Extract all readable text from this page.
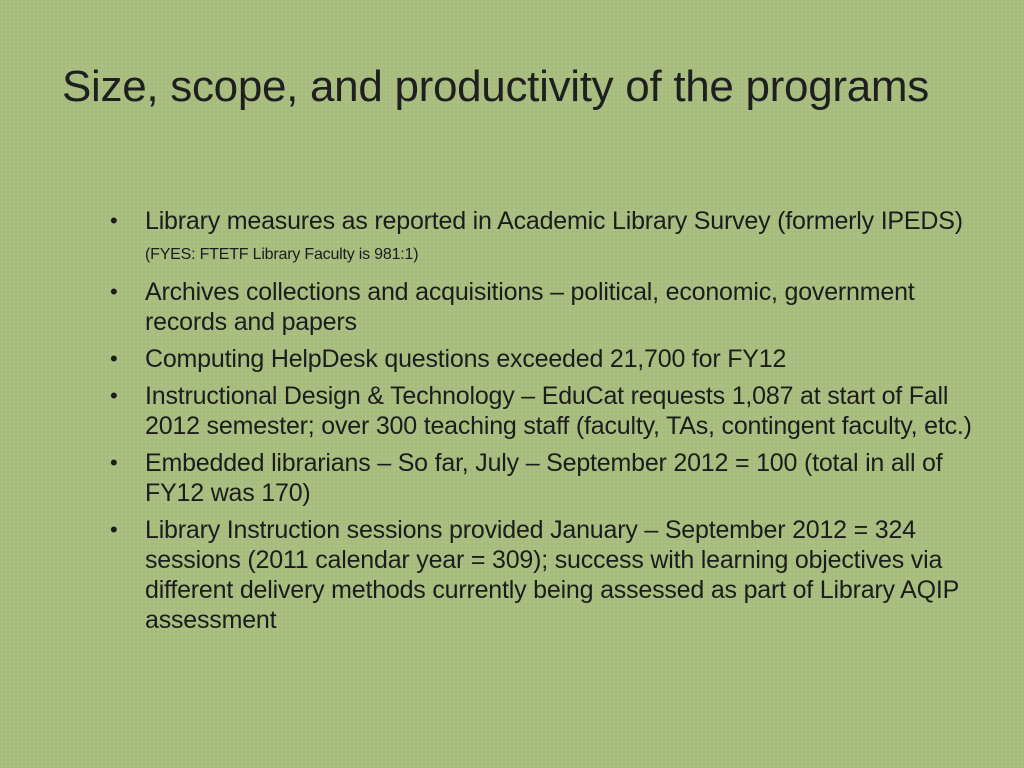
Size, scope, and productivity of the programs
• Library measures as reported in Academic Library Survey (formerly IPEDS) (FYES: FTETF Library Faculty is 981:1)
• Archives collections and acquisitions – political, economic, government records and papers
• Computing HelpDesk questions exceeded 21,700 for FY12
• Instructional Design & Technology – EduCat requests 1,087 at start of Fall 2012 semester; over 300 teaching staff (faculty, TAs, contingent faculty, etc.)
• Embedded librarians – So far, July – September 2012 = 100 (total in all of FY12 was 170)
• Library Instruction sessions provided January – September 2012 = 324 sessions (2011 calendar year = 309); success with learning objectives via different delivery methods currently being assessed as part of Library AQIP assessment
